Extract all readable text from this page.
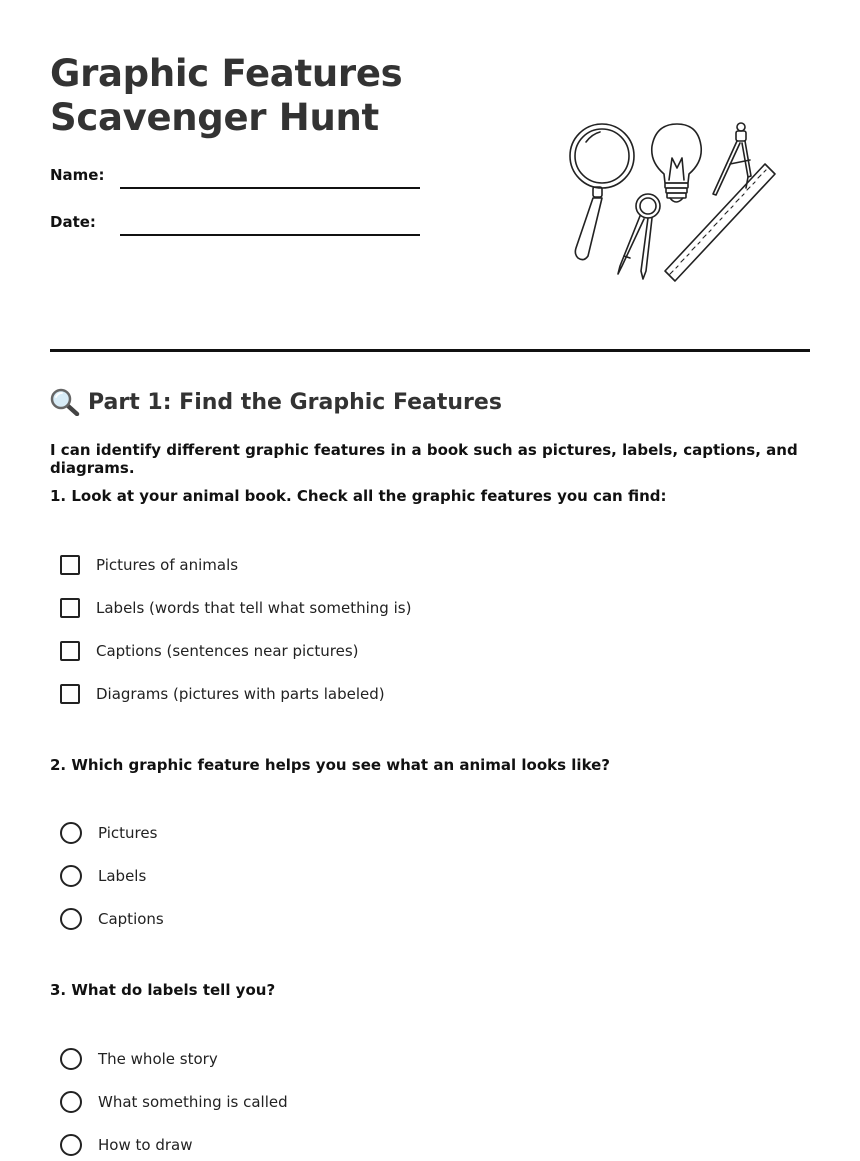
Graphic Features
Scavenger Hunt
Name:
Date:
Part 1: Find the Graphic Features
I can identify different graphic features in a book such as pictures, labels, captions, and diagrams.
1. Look at your animal book. Check all the graphic features you can find:
Pictures of animals
Labels (words that tell what something is)
Captions (sentences near pictures)
Diagrams (pictures with parts labeled)
2. Which graphic feature helps you see what an animal looks like?
Pictures
Labels
Captions
3. What do labels tell you?
The whole story
What something is called
How to draw
